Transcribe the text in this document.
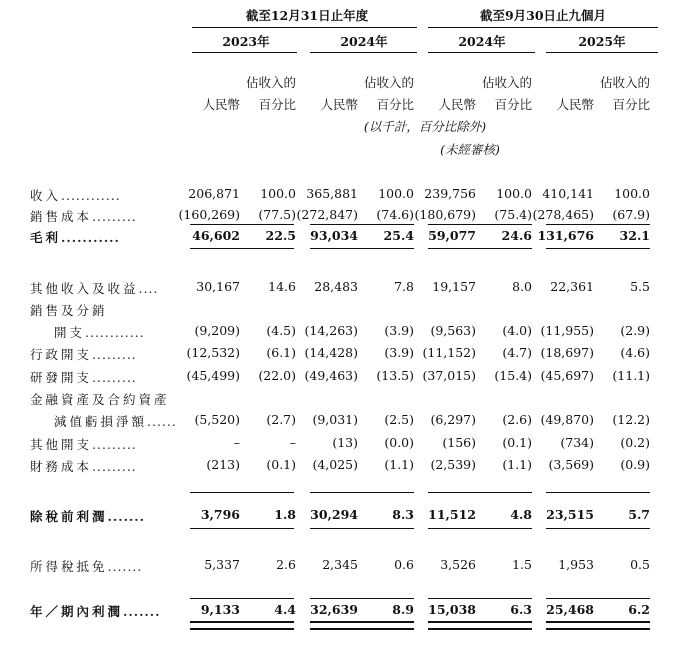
截至12月31日止年度	截至9月30日止九個月
2023年	2024年	2024年	2025年
佔收入的	佔收入的	佔收入的	佔收入的
人民幣	百分比	人民幣	百分比	人民幣	百分比	人民幣	百分比
(以千計，百分比除外)
(未經審核)
收入............	206,871	100.0 365,881	100.0 239,756	100.0 410,141	100.0
銷售成本.........	(160,269)	(77.5) (272,847)	(74.6) (180,679)	(75.4) (278,465)	(67.9)
毛利...........	46,602	22.5	93,034	25.4	59,077	24.6 131,676	32.1
其他收入及收益....	30,167	14.6	28,483	7.8	19,157	8.0	22,361	5.5
銷售及分銷
開支............	(9,209)	(4.5) (14,263)	(3.9)	(9,563)	(4.0) (11,955)	(2.9)
行政開支.........	(12,532)	(6.1) (14,428)	(3.9) (11,152)	(4.7) (18,697)	(4.6)
研發開支.........	(45,499)	(22.0) (49,463)	(13.5) (37,015)	(15.4) (45,697)	(11.1)
金融資產及合約資產
減值虧損淨額......	(5,520)	(2.7)	(9,031)	(2.5)	(6,297)	(2.6) (49,870)	(12.2)
其他開支.........	–	–	(13)	(0.0)	(156)	(0.1)	(734)	(0.2)
財務成本.........	(213)	(0.1)	(4,025)	(1.1)	(2,539)	(1.1)	(3,569)	(0.9)
除稅前利潤.......	3,796	1.8	30,294	8.3	11,512	4.8	23,515	5.7
所得稅抵免.......	5,337	2.6	2,345	0.6	3,526	1.5	1,953	0.5
年／期內利潤.......	9,133	4.4	32,639	8.9	15,038	6.3	25,468	6.2
